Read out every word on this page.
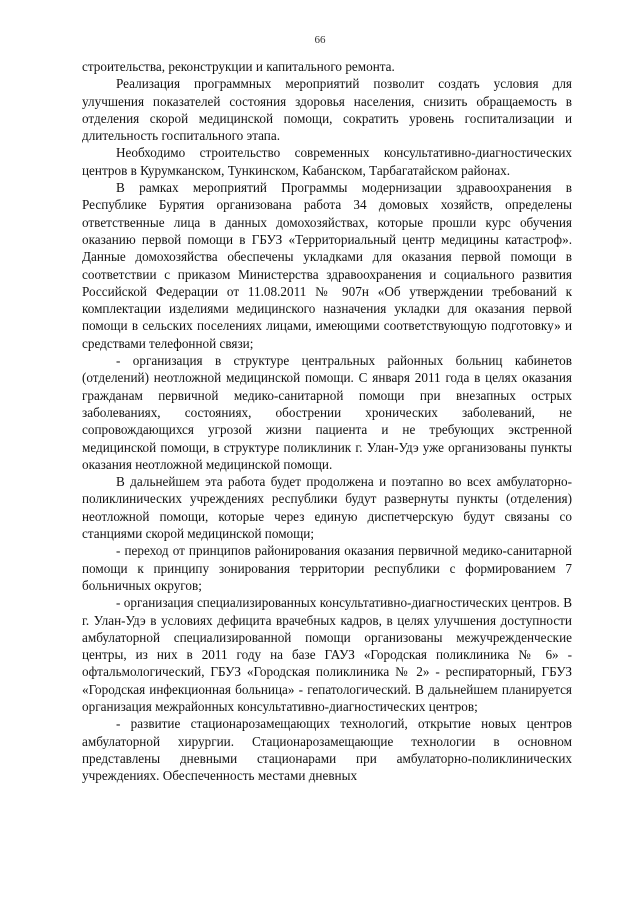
66

строительства, реконструкции и капитального ремонта.

Реализация программных мероприятий позволит создать условия для улучшения показателей состояния здоровья населения, снизить обращаемость в отделения скорой медицинской помощи, сократить уровень госпитализации и длительность госпитального этапа.

Необходимо строительство современных консультативно-диагностических центров в Курумканском, Тункинском, Кабанском, Тарбагатайском районах.

В рамках мероприятий Программы модернизации здравоохранения в Республике Бурятия организована работа 34 домовых хозяйств, определены ответственные лица в данных домохозяйствах, которые прошли курс обучения оказанию первой помощи в ГБУЗ «Территориальный центр медицины катастроф». Данные домохозяйства обеспечены укладками для оказания первой помощи в соответствии с приказом Министерства здравоохранения и социального развития Российской Федерации от 11.08.2011 № 907н «Об утверждении требований к комплектации изделиями медицинского назначения укладки для оказания первой помощи в сельских поселениях лицами, имеющими соответствующую подготовку» и средствами телефонной связи;

- организация в структуре центральных районных больниц кабинетов (отделений) неотложной медицинской помощи. С января 2011 года в целях оказания гражданам первичной медико-санитарной помощи при внезапных острых заболеваниях, состояниях, обострении хронических заболеваний, не сопровождающихся угрозой жизни пациента и не требующих экстренной медицинской помощи, в структуре поликлиник г. Улан-Удэ уже организованы пункты оказания неотложной медицинской помощи.

В дальнейшем эта работа будет продолжена и поэтапно во всех амбулаторно-поликлинических учреждениях республики будут развернуты пункты (отделения) неотложной помощи, которые через единую диспетчерскую будут связаны со станциями скорой медицинской помощи;

- переход от принципов районирования оказания первичной медико-санитарной помощи к принципу зонирования территории республики с формированием 7 больничных округов;

- организация специализированных консультативно-диагностических центров. В г. Улан-Удэ в условиях дефицита врачебных кадров, в целях улучшения доступности амбулаторной специализированной помощи организованы межучрежденческие центры, из них в 2011 году на базе ГАУЗ «Городская поликлиника № 6» - офтальмологический, ГБУЗ «Городская поликлиника № 2» - респираторный, ГБУЗ «Городская инфекционная больница» - гепатологический. В дальнейшем планируется организация межрайонных консультативно-диагностических центров;

- развитие стационарозамещающих технологий, открытие новых центров амбулаторной хирургии. Стационарозамещающие технологии в основном представлены дневными стационарами при амбулаторно-поликлинических учреждениях. Обеспеченность местами дневных
